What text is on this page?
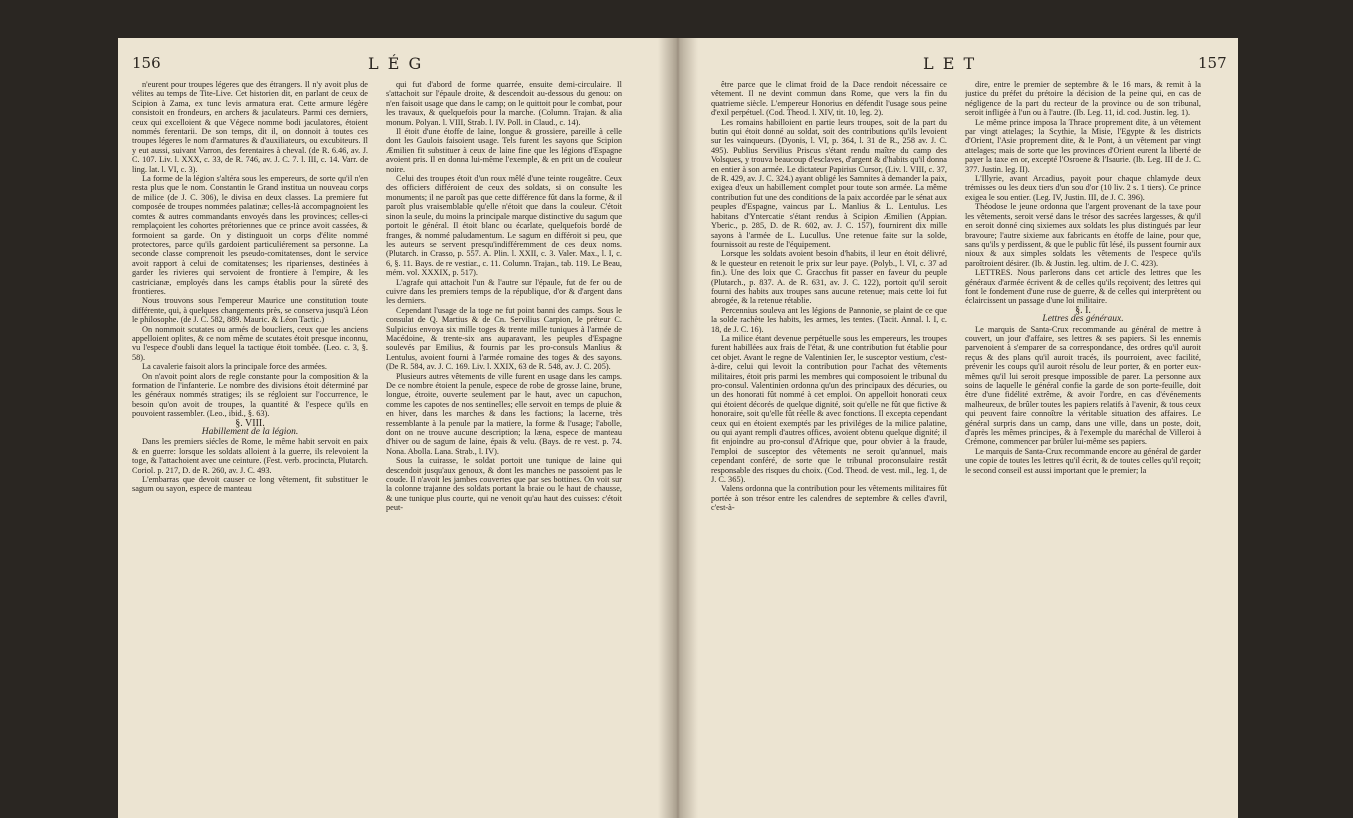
156	L É G

n'eurent pour troupes légeres que des étrangers. Il n'y avoit plus de vélites au temps de Tite-Live. Cet historien dit, en parlant de ceux de Scipion à Zama, ex tunc levis armatura erat. Cette armure légère consistoit en frondeurs, en archers & jaculateurs. Parmi ces derniers, ceux qui excelloient & que Végece nomme bodi jaculatores, étoient nommés ferentarii. De son temps, dit il, on donnoit à toutes ces troupes légeres le nom d'armatures & d'auxiliateurs, ou excubiteurs. Il y eut aussi, suivant Varron, des ferentaires à cheval. (de R. 6.46, av. J. C. 107. Liv. l. XXX, c. 33, de R. 746, av. J. C. 7. l. III, c. 14. Varr. de ling. lat. l. VI, c. 3).

La forme de la légion s'altéra sous les empereurs, de sorte qu'il n'en resta plus que le nom. Constantin le Grand institua un nouveau corps de milice (de J. C. 306), le divisa en deux classes. La premiere fut composée de troupes nommées palatinæ; celles-là accompagnoient les comtes & autres commandants envoyés dans les provinces; celles-ci remplaçoient les cohortes prétoriennes que ce prince avoit cassées, & formoient sa garde. On y distinguoit un corps d'élite nommé protectores, parce qu'ils gardoient particuliérement sa personne. La seconde classe comprenoit les pseudo-comitatenses, dont le service avoit rapport à celui de comitatenses; les riparienses, destinées à garder les rivieres qui servoient de frontiere à l'empire, & les castricianæ, employés dans les camps établis pour la sûreté des frontieres.

Nous trouvons sous l'empereur Maurice une constitution toute différente, qui, à quelques changements près, se conserva jusqu'à Léon le philosophe. (de J. C. 582, 889. Mauric. & Léon Tactic.)

On nommoit scutates ou armés de boucliers, ceux que les anciens appelloient oplites, & ce nom même de scutates étoit presque inconnu, vu l'espece d'oubli dans lequel la tactique étoit tombée. (Leo. c. 3, §. 58).

La cavalerie faisoit alors la principale force des armées.

On n'avoit point alors de regle constante pour la composition & la formation de l'infanterie. Le nombre des divisions étoit déterminé par les généraux nommés stratiges; ils se régloient sur l'occurrence, le besoin qu'on avoit de troupes, la quantité & l'espece qu'ils en pouvoient rassembler. (Leo., ibid., §. 63).

§. VIII.

Habillement de la légion.

Dans les premiers siécles de Rome, le même habit servoit en paix & en guerre: lorsque les soldats alloient à la guerre, ils relevoient la toge, & l'attachoient avec une ceinture. (Fest. verb. procincta, Plutarch. Coriol. p. 217, D. de R. 260, av. J. C. 493.

L'embarras que devoit causer ce long vêtement, fit substituer le sagum ou sayon, espece de manteau

qui fut d'abord de forme quarrée, ensuite demi-circulaire. Il s'attachoit sur l'épaule droite, & descendoit au-dessous du genou: on n'en faisoit usage que dans le camp; on le quittoit pour le combat, pour les travaux, & quelquefois pour la marche. (Column. Trajan. & alia monum. Polyan. l. VIII, Strab. l. IV. Poll. in Claud., c. 14).

Il étoit d'une étoffe de laine, longue & grossiere, pareille à celle dont les Gaulois faisoient usage. Tels furent les sayons que Scipion Æmilien fit substituer à ceux de laine fine que les légions d'Espagne avoient pris. Il en donna lui-même l'exemple, & en prit un de couleur noire.

Celui des troupes étoit d'un roux mêlé d'une teinte rougeâtre. Ceux des officiers différoient de ceux des soldats, si on consulte les monuments; il ne paroît pas que cette différence fût dans la forme, & il paroît plus vraisemblable qu'elle n'étoit que dans la couleur. C'étoit sinon la seule, du moins la principale marque distinctive du sagum que portoit le général. Il étoit blanc ou écarlate, quelquefois bordé de franges, & nommé paludamentum. Le sagum en différoit si peu, que les auteurs se servent presqu'indifféremment de ces deux noms. (Plutarch. in Crasso, p. 557. A. Plin. l. XXII, c. 3. Valer. Max., l. I, c. 6, §. 11. Bays. de re vestiar., c. 11. Column. Trajan., tab. 119. Le Beau, mém. vol. XXXIX, p. 517).

L'agrafe qui attachoit l'un & l'autre sur l'épaule, fut de fer ou de cuivre dans les premiers temps de la république, d'or & d'argent dans les derniers.

Cependant l'usage de la toge ne fut point banni des camps. Sous le consulat de Q. Martius & de Cn. Servilius Carpion, le préteur C. Sulpicius envoya six mille toges & trente mille tuniques à l'armée de Macédoine, & trente-six ans auparavant, les peuples d'Espagne soulevés par Emilius, & fournis par les pro-consuls Manlius & Lentulus, avoient fourni à l'armée romaine des toges & des sayons. (De R. 584, av. J. C. 169. Liv. l. XXIX, 63 de R. 548, av. J. C. 205).

Plusieurs autres vêtements de ville furent en usage dans les camps. De ce nombre étoient la penule, espece de robe de grosse laine, brune, longue, étroite, ouverte seulement par le haut, avec un capuchon, comme les capotes de nos sentinelles; elle servoit en temps de pluie & en hiver, dans les marches & dans les factions; la lacerne, très ressemblante à la penule par la matiere, la forme & l'usage; l'abolle, dont on ne trouve aucune description; la læna, espece de manteau d'hiver ou de sagum de laine, épais & velu. (Bays. de re vest. p. 74. Nona. Abolla. Lana. Strab., l. IV).

Sous la cuirasse, le soldat portoit une tunique de laine qui descendoit jusqu'aux genoux, & dont les manches ne passoient pas le coude. Il n'avoit les jambes couvertes que par ses bottines. On voit sur la colonne trajanne des soldats portant la braie ou le haut de chausse, & une tunique plus courte, qui ne venoit qu'au haut des cuisses: c'étoit peut-

L E T	157

être parce que le climat froid de la Dace rendoit nécessaire ce vêtement. Il ne devint commun dans Rome, que vers la fin du quatrieme siècle. L'empereur Honorius en défendit l'usage sous peine d'exil perpétuel. (Cod. Theod. l. XIV, tit. 10, leg. 2).

Les romains habilloient en partie leurs troupes, soit de la part du butin qui étoit donné au soldat, soit des contributions qu'ils levoient sur les vainqueurs. (Dyonis, l. VI, p. 364, l. 31 de R., 258 av. J. C. 495). Publius Servilius Priscus s'étant rendu maître du camp des Volsques, y trouva beaucoup d'esclaves, d'argent & d'habits qu'il donna en entier à son armée. Le dictateur Papirius Cursor, (Liv. l. VIII, c. 37, de R. 429, av. J. C. 324.) ayant obligé les Samnites à demander la paix, exigea d'eux un habillement complet pour toute son armée. La même contribution fut une des conditions de la paix accordée par le sénat aux peuples d'Espagne, vaincus par L. Manlius & L. Lentulus. Les habitans d'Yntercatie s'étant rendus à Scipion Æmilien (Appian. Yberic., p. 285, D. de R. 602, av. J. C. 157), fournirent dix mille sayons à l'armée de L. Lucullus. Une retenue faite sur la solde, fournissoit au reste de l'équipement.

Lorsque les soldats avoient besoin d'habits, il leur en étoit délivré, & le questeur en retenoit le prix sur leur paye. (Polyb., l. VI, c. 37 ad fin.). Une des loix que C. Gracchus fit passer en faveur du peuple (Plutarch., p. 837. A. de R. 631, av. J. C. 122), portoit qu'il seroit fourni des habits aux troupes sans aucune retenue; mais cette loi fut abrogée, & la retenue rétablie.

Percennius souleva ant les légions de Pannonie, se plaint de ce que la solde rachète les habits, les armes, les tentes. (Tacit. Annal. l. I, c. 18, de J. C. 16).

La milice étant devenue perpétuelle sous les empereurs, les troupes furent habillées aux frais de l'état, & une contribution fut établie pour cet objet. Avant le regne de Valentinien Ier, le susceptor vestium, c'est-à-dire, celui qui levoit la contribution pour l'achat des vêtements militaires, étoit pris parmi les membres qui composoient le tribunal du pro-consul. Valentinien ordonna qu'un des principaux des décuries, ou un des honorati fût nommé à cet emploi. On appelloit honorati ceux qui étoient décorés de quelque dignité, soit qu'elle ne fût que fictive & honoraire, soit qu'elle fût réelle & avec fonctions. Il excepta cependant ceux qui en étoient exemptés par les priviléges de la milice palatine, ou qui ayant rempli d'autres offices, avoient obtenu quelque dignité; il fit enjoindre au pro-consul d'Afrique que, pour obvier à la fraude, l'emploi de susceptor des vêtements ne seroit qu'annuel, mais cependant conféré, de sorte que le tribunal proconsulaire restât responsable des risques du choix. (Cod. Theod. de vest. mil., leg. 1, de J. C. 365).

Valens ordonna que la contribution pour les vêtements militaires fût portée à son trésor entre les calendres de septembre & celles d'avril, c'est-à-

dire, entre le premier de septembre & le 16 mars, & remit à la justice du préfet du prétoire la décision de la peine qui, en cas de négligence de la part du recteur de la province ou de son tribunal, seroit infligée à l'un ou à l'autre. (Ib. Leg. 11, id. cod. Justin. leg. 1).

Le même prince imposa la Thrace proprement dite, à un vêtement par vingt attelages; la Scythie, la Misie, l'Egypte & les districts d'Orient, l'Asie proprement dite, & le Pont, à un vêtement par vingt attelages; mais de sorte que les provinces d'Orient eurent la liberté de payer la taxe en or, excepté l'Osroene & l'Isaurie. (Ib. Leg. III de J. C. 377. Justin. leg. II).

L'Illyrie, avant Arcadius, payoit pour chaque chlamyde deux trémisses ou les deux tiers d'un sou d'or (10 liv. 2 s. 1 tiers). Ce prince exigea le sou entier. (Leg. IV, Justin. III, de J. C. 396).

Théodose le jeune ordonna que l'argent provenant de la taxe pour les vêtements, seroit versé dans le trésor des sacrées largesses, & qu'il en seroit donné cinq sixiemes aux soldats les plus distingués par leur bravoure; l'autre sixieme aux fabricants en étoffe de laine, pour que, sans qu'ils y perdissent, & que le public fût lésé, ils pussent fournir aux nioux & aux simples soldats les vêtements de l'espece qu'ils paroîtroient désirer. (Ib. & Justin. leg. ultim. de J. C. 423).

LETTRES. Nous parlerons dans cet article des lettres que les généraux d'armée écrivent & de celles qu'ils reçoivent; des lettres qui font le fondement d'une ruse de guerre, & de celles qui interprètent ou éclaircissent un passage d'une loi militaire.

§. I.

Lettres des généraux.

Le marquis de Santa-Crux recommande au général de mettre à couvert, un jour d'affaire, ses lettres & ses papiers. Si les ennemis parvenoient à s'emparer de sa correspondance, des ordres qu'il auroit reçus & des plans qu'il auroit tracés, ils pourroient, avec facilité, prévenir les coups qu'il auroit résolu de leur porter, & en porter eux-mêmes qu'il lui seroit presque impossible de parer. La personne aux soins de laquelle le général confie la garde de son porte-feuille, doit être d'une fidélité extrême, & avoir l'ordre, en cas d'événements malheureux, de brûler toutes les papiers relatifs à l'avenir, & tous ceux qui peuvent faire connoître la véritable situation des affaires. Le général surpris dans un camp, dans une ville, dans un poste, doit, d'après les mêmes principes, & à l'exemple du maréchal de Villeroi à Crémone, commencer par brûler lui-même ses papiers.

Le marquis de Santa-Crux recommande encore au général de garder une copie de toutes les lettres qu'il écrit, & de toutes celles qu'il reçoit; le second conseil est aussi important que le premier; la
